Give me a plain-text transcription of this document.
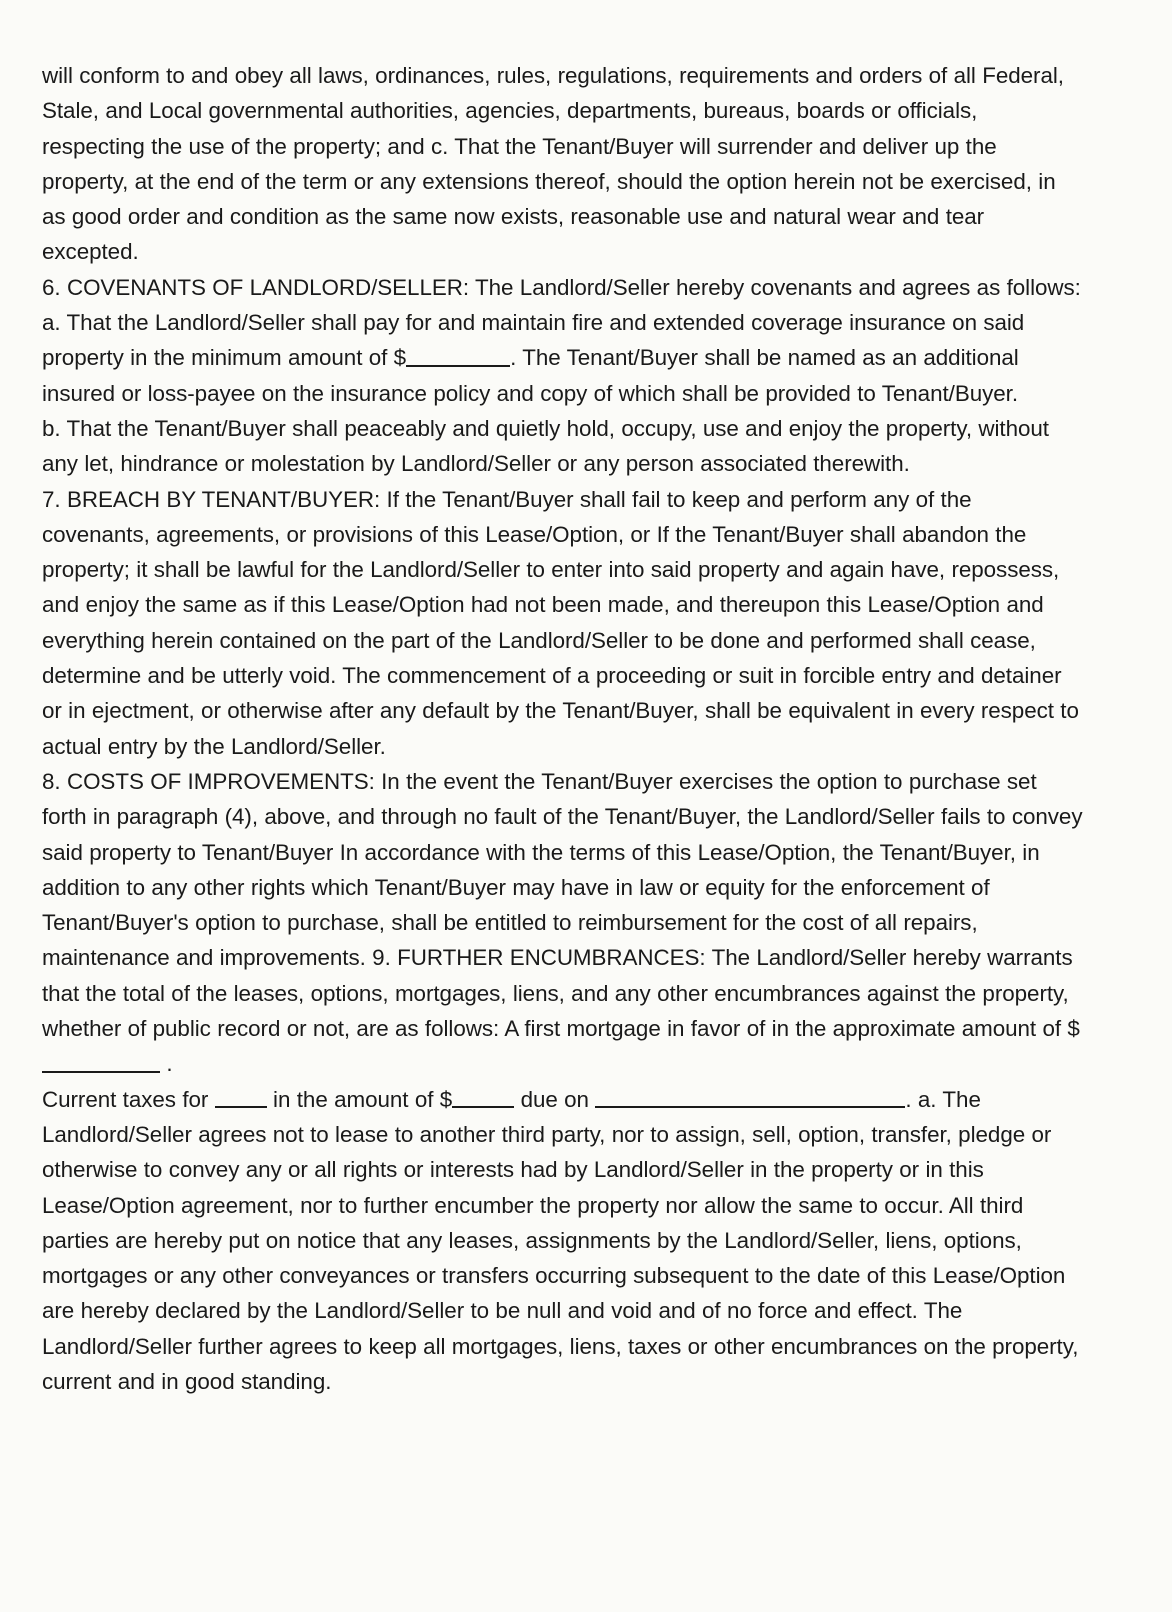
will conform to and obey all laws, ordinances, rules, regulations, requirements and orders of all Federal, Stale, and Local governmental authorities, agencies, departments, bureaus, boards or officials, respecting the use of the property; and c. That the Tenant/Buyer will surrender and deliver up the property, at the end of the term or any extensions thereof, should the option herein not be exercised, in as good order and condition as the same now exists, reasonable use and natural wear and tear excepted.

6. COVENANTS OF LANDLORD/SELLER: The Landlord/Seller hereby covenants and agrees as follows: a. That the Landlord/Seller shall pay for and maintain fire and extended coverage insurance on said property in the minimum amount of $	. The Tenant/Buyer shall be named as an additional insured or loss-payee on the insurance policy and copy of which shall be provided to Tenant/Buyer.

b. That the Tenant/Buyer shall peaceably and quietly hold, occupy, use and enjoy the property, without any let, hindrance or molestation by Landlord/Seller or any person associated therewith.

7. BREACH BY TENANT/BUYER: If the Tenant/Buyer shall fail to keep and perform any of the covenants, agreements, or provisions of this Lease/Option, or If the Tenant/Buyer shall abandon the property; it shall be lawful for the Landlord/Seller to enter into said property and again have, repossess, and enjoy the same as if this Lease/Option had not been made, and thereupon this Lease/Option and everything herein contained on the part of the Landlord/Seller to be done and performed shall cease, determine and be utterly void. The commencement of a proceeding or suit in forcible entry and detainer or in ejectment, or otherwise after any default by the Tenant/Buyer, shall be equivalent in every respect to actual entry by the Landlord/Seller.

8. COSTS OF IMPROVEMENTS: In the event the Tenant/Buyer exercises the option to purchase set forth in paragraph (4), above, and through no fault of the Tenant/Buyer, the Landlord/Seller fails to convey said property to Tenant/Buyer In accordance with the terms of this Lease/Option, the Tenant/Buyer, in addition to any other rights which Tenant/Buyer may have in law or equity for the enforcement of Tenant/Buyer's option to purchase, shall be entitled to reimbursement for the cost of all repairs, maintenance and improvements. 9. FURTHER ENCUMBRANCES: The Landlord/Seller hereby warrants that the total of the leases, options, mortgages, liens, and any other encumbrances against the property, whether of public record or not, are as follows: A first mortgage in favor of in the approximate amount of $ .
Current taxes for  in the amount of $	due on	. a. The
Landlord/Seller agrees not to lease to another third party, nor to assign, sell, option, transfer, pledge or otherwise to convey any or all rights or interests had by Landlord/Seller in the property or in this Lease/Option agreement, nor to further encumber the property nor allow the same to occur. All third parties are hereby put on notice that any leases, assignments by the Landlord/Seller, liens, options, mortgages or any other conveyances or transfers occurring subsequent to the date of this Lease/Option are hereby declared by the Landlord/Seller to be null and void and of no force and effect. The Landlord/Seller further agrees to keep all mortgages, liens, taxes or other encumbrances on the property, current and in good standing.
